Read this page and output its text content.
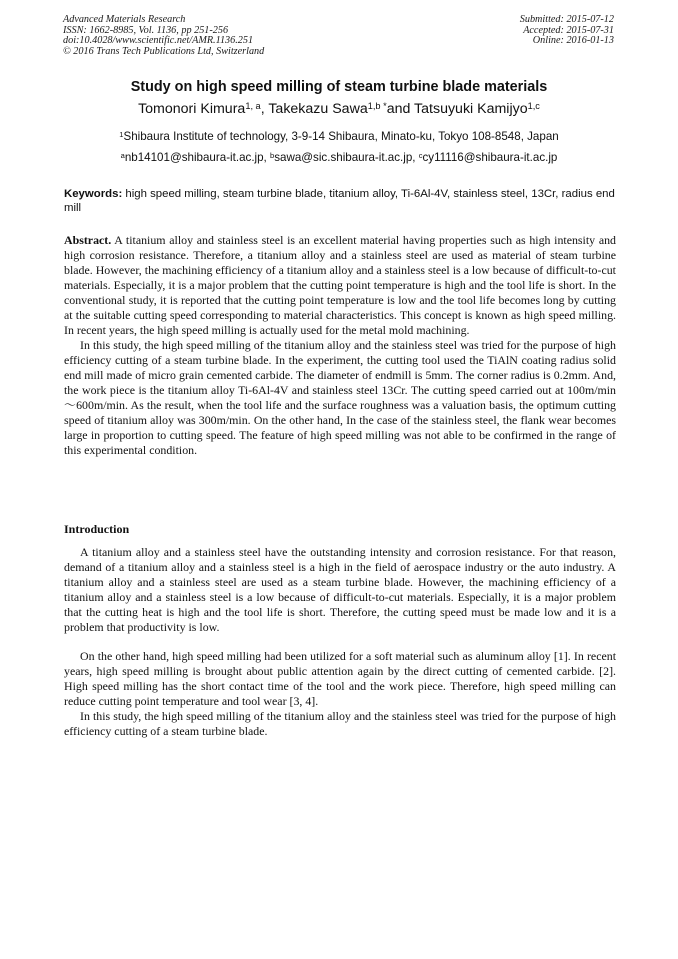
Advanced Materials Research
ISSN: 1662-8985, Vol. 1136, pp 251-256
doi:10.4028/www.scientific.net/AMR.1136.251
© 2016 Trans Tech Publications Ltd, Switzerland
Submitted: 2015-07-12
Accepted: 2015-07-31
Online: 2016-01-13
Study on high speed milling of steam turbine blade materials
Tomonori Kimura$^{1, a}$, Takekazu Sawa$^{1,b *}$and Tatsuyuki Kamijyo$^{1,c}$
$^1$Shibaura Institute of technology, 3-9-14 Shibaura, Minato-ku, Tokyo 108-8548, Japan
$^a$nb14101@shibaura-it.ac.jp, $^b$sawa@sic.shibaura-it.ac.jp, $^c$cy11116@shibaura-it.ac.jp
Keywords: high speed milling, steam turbine blade, titanium alloy, Ti-6Al-4V, stainless steel, 13Cr, radius end mill

Abstract. A titanium alloy and stainless steel is an excellent material having properties such as high intensity and high corrosion resistance. Therefore, a titanium alloy and a stainless steel are used as material of steam turbine blade. However, the machining efficiency of a titanium alloy and a stainless steel is a low because of difficult-to-cut materials. Especially, it is a major problem that the cutting point temperature is high and the tool life is short. In the conventional study, it is reported that the cutting point temperature is low and the tool life becomes long by cutting at the suitable cutting speed corresponding to material characteristics. This concept is known as high speed milling. In recent years, the high speed milling is actually used for the metal mold machining.

In this study, the high speed milling of the titanium alloy and the stainless steel was tried for the purpose of high efficiency cutting of a steam turbine blade. In the experiment, the cutting tool used the TiAlN coating radius solid end mill made of micro grain cemented carbide. The diameter of endmill is 5mm. The corner radius is 0.2mm. And, the work piece is the titanium alloy Ti-6Al-4V and stainless steel 13Cr. The cutting speed carried out at 100m/min～600m/min. As the result, when the tool life and the surface roughness was a valuation basis, the optimum cutting speed of titanium alloy was 300m/min. On the other hand, In the case of the stainless steel, the flank wear becomes large in proportion to cutting speed. The feature of high speed milling was not able to be confirmed in the range of this experimental condition.

Introduction

A titanium alloy and a stainless steel have the outstanding intensity and corrosion resistance. For that reason, demand of a titanium alloy and a stainless steel is a high in the field of aerospace industry or the auto industry. A titanium alloy and a stainless steel are used as a steam turbine blade. However, the machining efficiency of a titanium alloy and a stainless steel is a low because of difficult-to-cut materials. Especially, it is a major problem that the cutting heat is high and the tool life is short. Therefore, the cutting speed must be made low and it is a problem that productivity is low.

On the other hand, high speed milling had been utilized for a soft material such as aluminum alloy [1]. In recent years, high speed milling is brought about public attention again by the direct cutting of cemented carbide. [2]. High speed milling has the short contact time of the tool and the work piece. Therefore, high speed milling can reduce cutting point temperature and tool wear [3, 4].

In this study, the high speed milling of the titanium alloy and the stainless steel was tried for the purpose of high efficiency cutting of a steam turbine blade.
